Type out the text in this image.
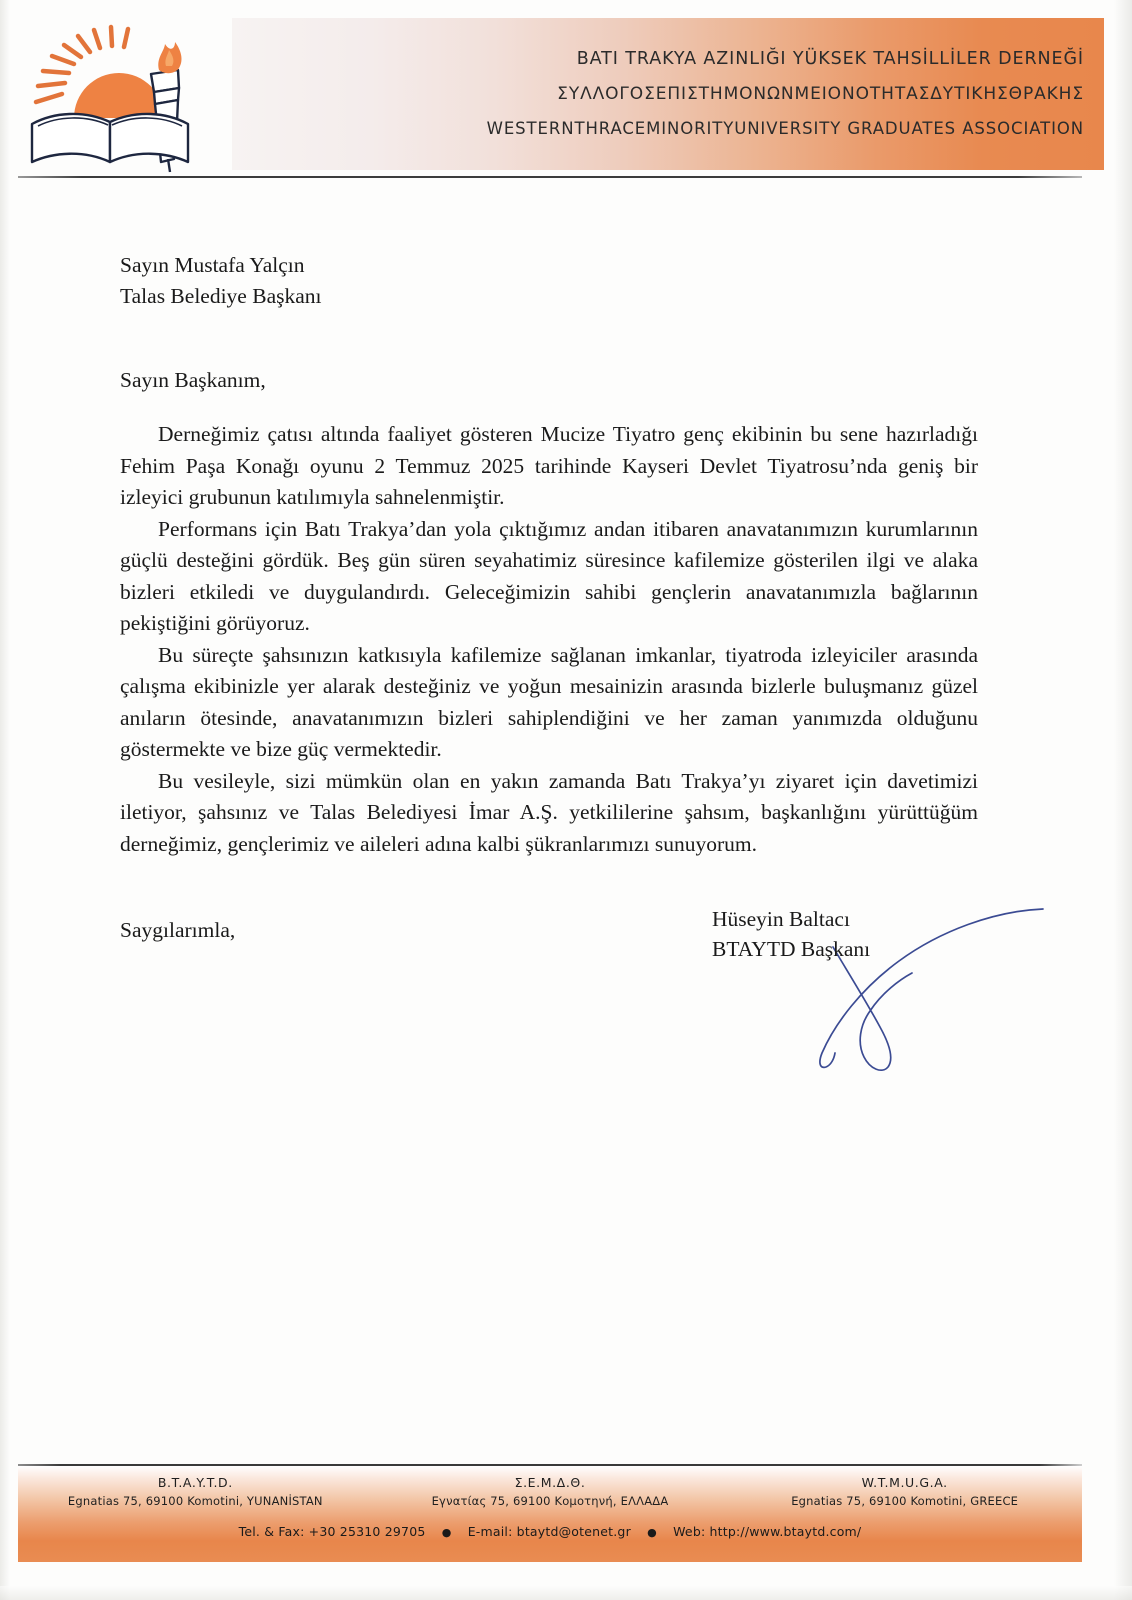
BATI TRAKYA AZINLIĞI YÜKSEK TAHSİLLİLER DERNEĞİ
ΣΥΛΛΟΓΟΣΕΠΙΣΤΗΜΟΝΩΝΜΕΙΟΝΟΤΗΤΑΣΔΥΤΙΚΗΣΘΡΑΚΗΣ
WESTERNTHRACEMINORITYUNIVERSITY GRADUATES ASSOCIATION
Sayın Mustafa Yalçın
Talas Belediye Başkanı
Sayın Başkanım,

Derneğimiz çatısı altında faaliyet gösteren Mucize Tiyatro genç ekibinin bu sene hazırladığı Fehim Paşa Konağı oyunu 2 Temmuz 2025 tarihinde Kayseri Devlet Tiyatrosu’nda geniş bir izleyici grubunun katılımıyla sahnelenmiştir.

Performans için Batı Trakya’dan yola çıktığımız andan itibaren anavatanımızın kurumlarının güçlü desteğini gördük. Beş gün süren seyahatimiz süresince kafilemize gösterilen ilgi ve alaka bizleri etkiledi ve duygulandırdı. Geleceğimizin sahibi gençlerin anavatanımızla bağlarının pekiştiğini görüyoruz.

Bu süreçte şahsınızın katkısıyla kafilemize sağlanan imkanlar, tiyatroda izleyiciler arasında çalışma ekibinizle yer alarak desteğiniz ve yoğun mesainizin arasında bizlerle buluşmanız güzel anıların ötesinde, anavatanımızın bizleri sahiplendiğini ve her zaman yanımızda olduğunu göstermekte ve bize güç vermektedir.

Bu vesileyle, sizi mümkün olan en yakın zamanda Batı Trakya’yı ziyaret için davetimizi iletiyor, şahsınız ve Talas Belediyesi İmar A.Ş. yetkililerine şahsım, başkanlığını yürüttüğüm derneğimiz, gençlerimiz ve aileleri adına kalbi şükranlarımızı sunuyorum.

Saygılarımla,	Hüseyin Baltacı
BTAYTD Başkanı
B.T.A.Y.T.D.
Egnatias 75, 69100 Komotini, YUNANİSTAN
Σ.Ε.Μ.Δ.Θ.
Εγνατίας 75, 69100 Κομοτηνή, ΕΛΛΑΔΑ
W.T.M.U.G.A.
Egnatias 75, 69100 Komotini, GREECE
Tel. & Fax: +30 25310 29705 ● E-mail: btaytd@otenet.gr ● Web: http://www.btaytd.com/
